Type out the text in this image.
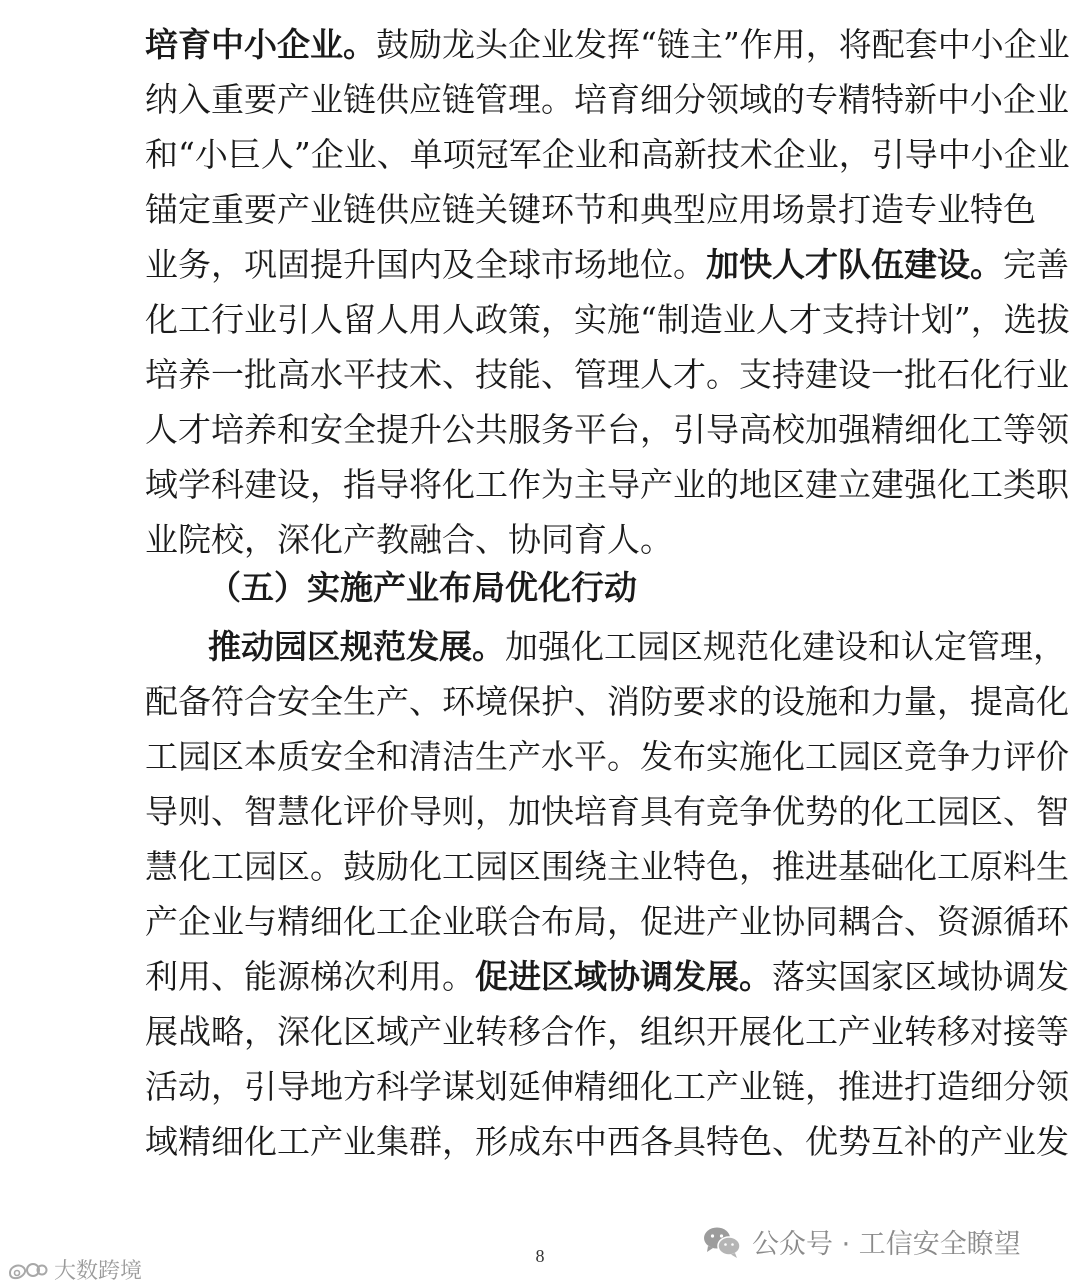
培育中小企业。鼓励龙头企业发挥“链主”作用，将配套中小企业
纳入重要产业链供应链管理。培育细分领域的专精特新中小企业
和“小巨人”企业、单项冠军企业和高新技术企业，引导中小企业
锚定重要产业链供应链关键环节和典型应用场景打造专业特色
业务，巩固提升国内及全球市场地位。加快人才队伍建设。完善
化工行业引人留人用人政策，实施“制造业人才支持计划”，选拔
培养一批高水平技术、技能、管理人才。支持建设一批石化行业
人才培养和安全提升公共服务平台，引导高校加强精细化工等领
域学科建设，指导将化工作为主导产业的地区建立建强化工类职
业院校，深化产教融合、协同育人。
（五）实施产业布局优化行动
推动园区规范发展。加强化工园区规范化建设和认定管理，
配备符合安全生产、环境保护、消防要求的设施和力量，提高化
工园区本质安全和清洁生产水平。发布实施化工园区竞争力评价
导则、智慧化评价导则，加快培育具有竞争优势的化工园区、智
慧化工园区。鼓励化工园区围绕主业特色，推进基础化工原料生
产企业与精细化工企业联合布局，促进产业协同耦合、资源循环
利用、能源梯次利用。促进区域协调发展。落实国家区域协调发
展战略，深化区域产业转移合作，组织开展化工产业转移对接等
活动，引导地方科学谋划延伸精细化工产业链，推进打造细分领
域精细化工产业集群，形成东中西各具特色、优势互补的产业发
8
大数跨境
公众号 · 工信安全瞭望
